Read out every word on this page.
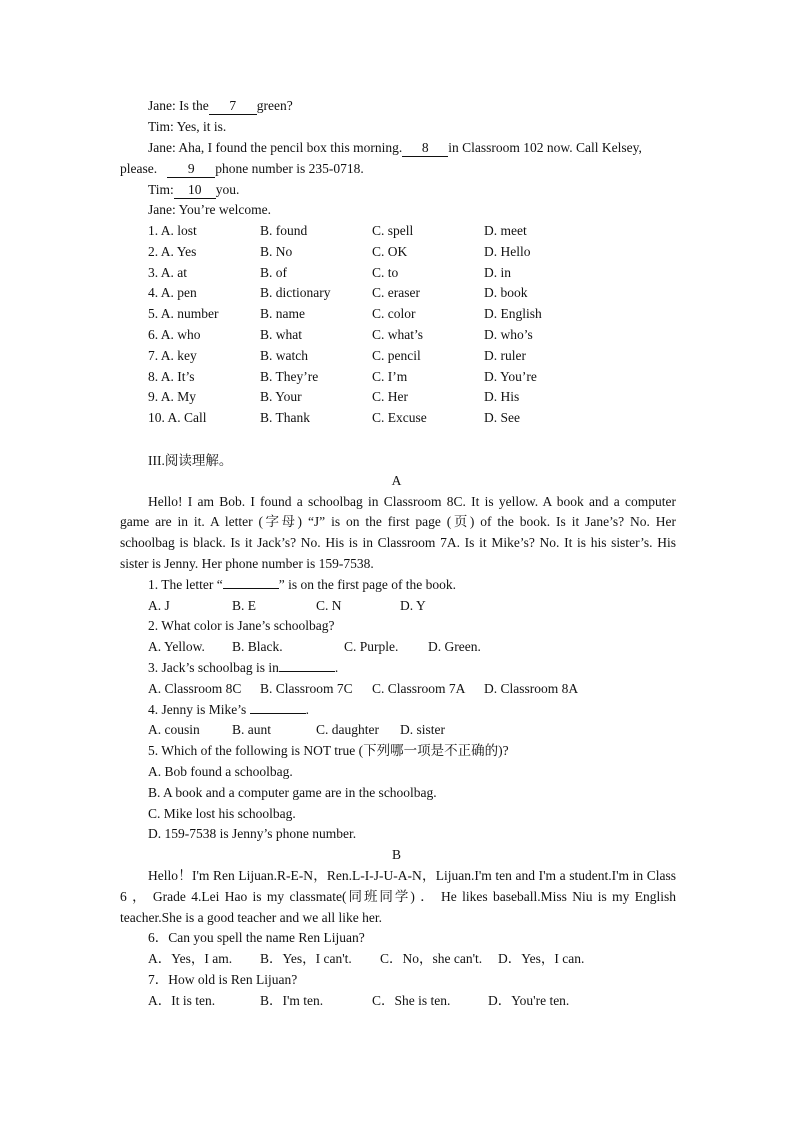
Jane: Is the 7 green?
Tim: Yes, it is.
Jane: Aha, I found the pencil box this morning. 8 in Classroom 102 now. Call Kelsey,
please. 9 phone number is 235-0718.
Tim: 10 you.
Jane: You’re welcome.
1. A. lost	B. found	C. spell	D. meet
2. A. Yes	B. No	C. OK	D. Hello
3. A. at	B. of	C. to	D. in
4. A. pen	B. dictionary	C. eraser	D. book
5. A. number	B. name	C. color	D. English
6. A. who	B. what	C. what’s	D. who’s
7. A. key	B. watch	C. pencil	D. ruler
8. A. It’s	B. They’re	C. I’m	D. You’re
9. A. My	B. Your	C. Her	D. His
10. A. Call	B. Thank	C. Excuse	D. See
III.阅读理解。
A
Hello! I am Bob. I found a schoolbag in Classroom 8C. It is yellow. A book and a computer
game are in it. A letter (字母) “J” is on the first page (页) of the book. Is it Jane’s? No. Her
schoolbag is black. Is it Jack’s? No. His is in Classroom 7A. Is it Mike’s? No. It is his sister’s. His
sister is Jenny. Her phone number is 159-7538.
1. The letter “	” is on the first page of the book.
A. J	B. E	C. N	D. Y
2. What color is Jane’s schoolbag?
A. Yellow. B. Black.	C. Purple. D. Green.
3. Jack’s schoolbag is in	.
A. Classroom 8C B. Classroom 7C C. Classroom 7A D. Classroom 8A
4. Jenny is Mike’s	.
A. cousin B. aunt	C. daughter D. sister
5. Which of the following is NOT true (下列哪一项是不正确的)?
A. Bob found a schoolbag.
B. A book and a computer game are in the schoolbag.
C. Mike lost his schoolbag.
D. 159-7538 is Jenny’s phone number.
B
Hello！I'm Ren Lijuan.R-E-N，Ren.L-I-J-U-A-N，Lijuan.I'm ten and I'm a student.I'm in Class
6 ， Grade 4.Lei Hao is my classmate(同班同学) ． He likes baseball.Miss Niu is my English
teacher.She is a good teacher and we all like her.
6．Can you spell the name Ren Lijuan?
A．Yes，I am. B．Yes，I can't. C．No，she can't. D．Yes，I can.
7．How old is Ren Lijuan?
A．It is ten.	B．I'm ten.	C．She is ten.	D．You're ten.
